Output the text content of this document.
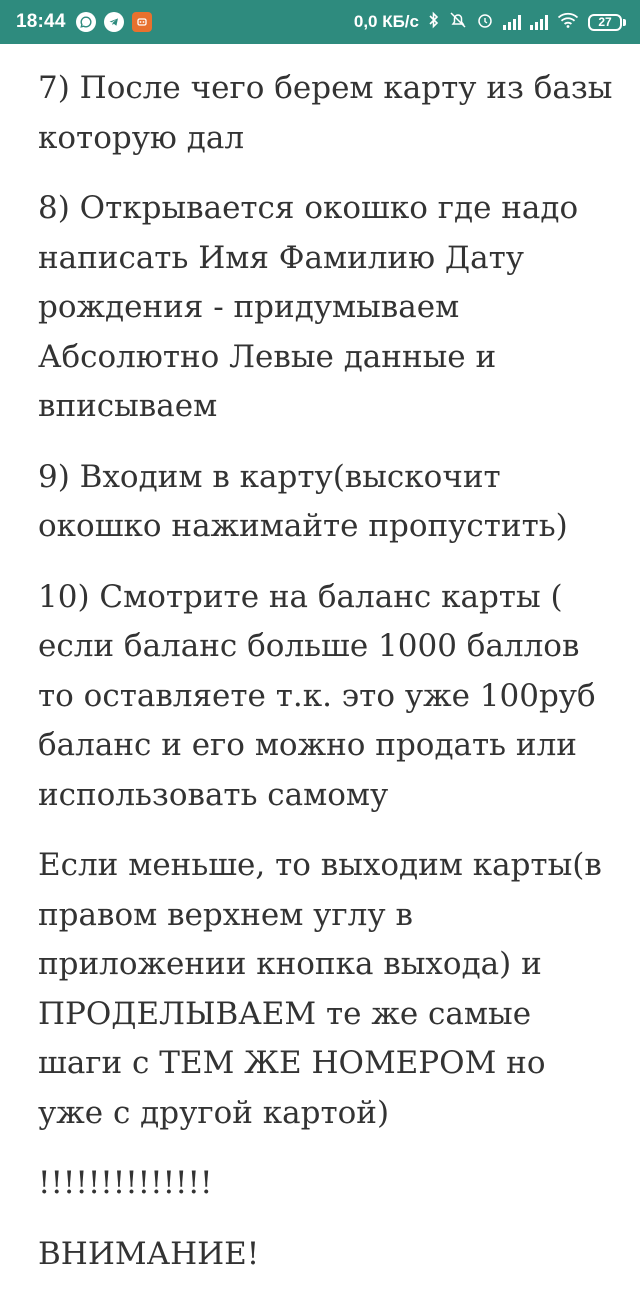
18:44	0,0 КБ/с	27

7) После чего берем карту из базы которую дал

8) Открывается окошко где надо написать Имя Фамилию Дату рождения - придумываем Абсолютно Левые данные и вписываем

9) Входим в карту(выскочит окошко нажимайте пропустить)

10) Смотрите на баланс карты ( если баланс больше 1000 баллов то оставляете т.к. это уже 100руб баланс и его можно продать или использовать самому

Если меньше, то выходим карты(в правом верхнем углу в приложении кнопка выхода) и ПРОДЕЛЫВАЕМ те же самые шаги с ТЕМ ЖЕ НОМЕРОМ но уже с другой картой)

!!!!!!!!!!!!!!

ВНИМАНИЕ!
